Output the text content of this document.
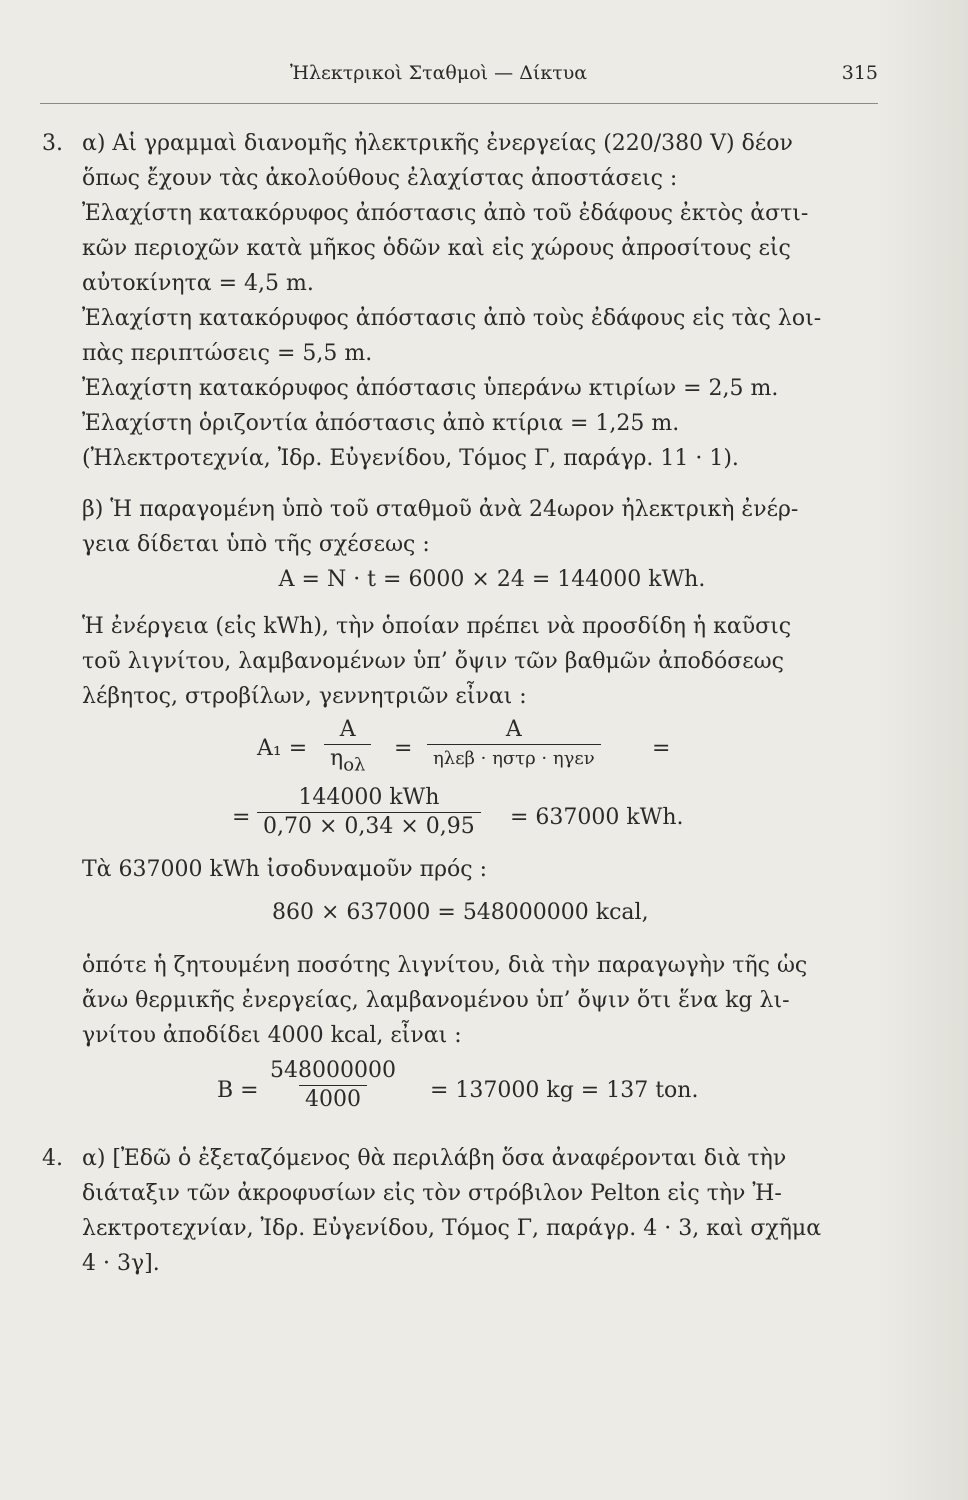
Ἠλεκτρικοὶ Σταθμοὶ — Δίκτυα	315
3. α) Αἱ γραμμαὶ διανομῆς ἠλεκτρικῆς ἐνεργείας (220/380 V) δέον
ὅπως ἔχουν τὰς ἀκολούθους ἐλαχίστας ἀποστάσεις :
Ἐλαχίστη κατακόρυφος ἀπόστασις ἀπὸ τοῦ ἐδάφους ἐκτὸς ἀστι-
κῶν περιοχῶν κατὰ μῆκος ὁδῶν καὶ εἰς χώρους ἀπροσίτους εἰς
αὐτοκίνητα = 4,5 m.
Ἐλαχίστη κατακόρυφος ἀπόστασις ἀπὸ τοὺς ἐδάφους εἰς τὰς λοι-
πὰς περιπτώσεις = 5,5 m.
Ἐλαχίστη κατακόρυφος ἀπόστασις ὑπεράνω κτιρίων = 2,5 m.
Ἐλαχίστη ὁριζοντία ἀπόστασις ἀπὸ κτίρια = 1,25 m.
(Ἠλεκτροτεχνία, Ἰδρ. Εὐγενίδου, Τόμος Γ, παράγρ. 11 · 1).
β) Ἡ παραγομένη ὑπὸ τοῦ σταθμοῦ ἀνὰ 24ωρον ἠλεκτρικὴ ἐνέρ-
γεια δίδεται ὑπὸ τῆς σχέσεως :
A = N · t = 6000 × 24 = 144000 kWh.
Ἡ ἐνέργεια (εἰς kWh), τὴν ὁποίαν πρέπει νὰ προσδίδη ἡ καῦσις
τοῦ λιγνίτου, λαμβανομένων ὑπ’ ὄψιν τῶν βαθμῶν ἀποδόσεως
λέβητος, στροβίλων, γεννητριῶν εἶναι :
A₁ =
A
$\eta_{o\lambda}$
=
A
ηλεβ · ηστρ · ηγεν	=
=
144000 kWh
0,70 × 0,34 × 0,95 = 637000 kWh.
Τὰ 637000 kWh ἰσοδυναμοῦν πρός :
860 × 637000 = 548000000 kcal,
ὁπότε ἡ ζητουμένη ποσότης λιγνίτου, διὰ τὴν παραγωγὴν τῆς ὡς
ἄνω θερμικῆς ἐνεργείας, λαμβανομένου ὑπ’ ὄψιν ὅτι ἕνα kg λι-
γνίτου ἀποδίδει 4000 kcal, εἶναι :
$B = \frac{548000000}{4000} = 137000$ kg = 137 ton.
4. α) [Ἐδῶ ὁ ἐξεταζόμενος θὰ περιλάβη ὅσα ἀναφέρονται διὰ τὴν
διάταξιν τῶν ἀκροφυσίων εἰς τὸν στρόβιλον Pelton εἰς τὴν Ἠ-
λεκτροτεχνίαν, Ἰδρ. Εὐγενίδου, Τόμος Γ, παράγρ. 4 · 3, καὶ σχῆμα
4 · 3γ].
